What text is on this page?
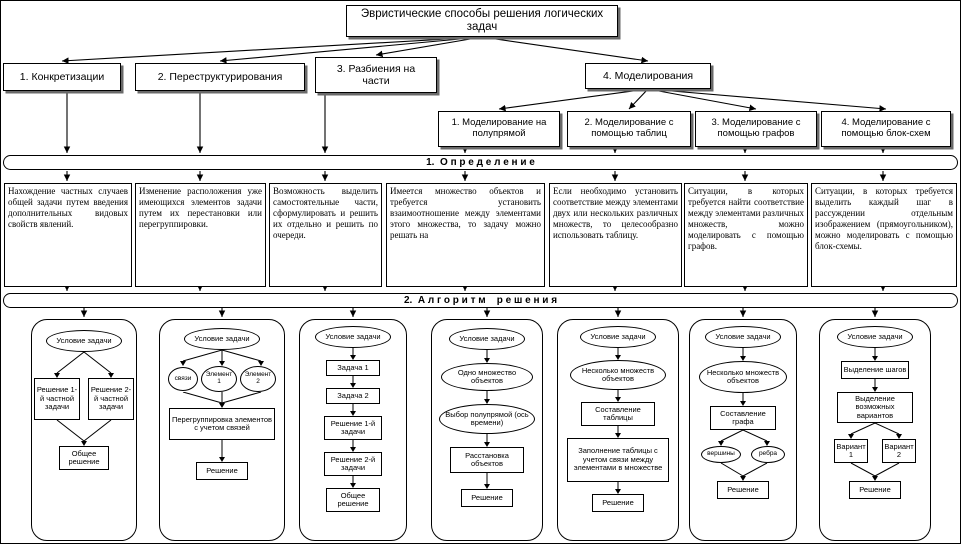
Эвристические способы решения логических задач
1. Конкретизации	2. Переструктурирования
3. Разбиения на части	4. Моделирования
1. Моделирование на полупрямой
2. Моделирование с помощью таблиц
3. Моделирование с помощью графов
4. Моделирование с помощью блок-схем
1.  О п р е д е л е н и е
Нахождение частных случаев общей задачи путем введения дополнительных видовых свойств явлений.
Изменение расположения уже имеющихся элементов задачи путем их перестановки или перегруппировки.
Возможность выделить самостоятельные части, сформулировать и решить их отдельно и решить по очереди.
Имеется множество объектов и требуется установить взаимоотношение между элементами этого множества, то задачу можно решать на
Если необходимо установить соответствие между элементами двух или нескольких различных множеств, то целесообразно использовать таблицу.
Ситуации, в которых требуется найти соответствие между элементами различных множеств, можно моделировать с помощью графов.
Ситуации, в которых требуется выделить каждый шаг в рассуждении отдельным изображением (прямоугольником), можно моделировать с помощью блок-схемы.
2.  А л г о р и т м    р е ш е н и я
Условие задачи
Решение 1-й частной задачи
Решение 2-й частной задачи
Общее решение
Условие задачи
связи	Элемент 1
Элемент 2
Перегруппировка элементов с учетом связей
Решение
Условие задачи
Задача 1
Задача 2
Решение 1-й задачи
Решение 2-й задачи
Общее решение
Условие задачи
Одно множество объектов
Выбор полупрямой (ось времени)
Расстановка объектов
Решение
Условие задачи
Несколько множеств объектов
Составление таблицы
Заполнение таблицы с учетом связи между элементами в множестве
Решение
Условие задачи
Несколько множеств объектов
Составление графа
вершины	ребра
Решение
Условие задачи
Выделение шагов
Выделение возможных вариантов
Вариант 1
Вариант 2
Решение
